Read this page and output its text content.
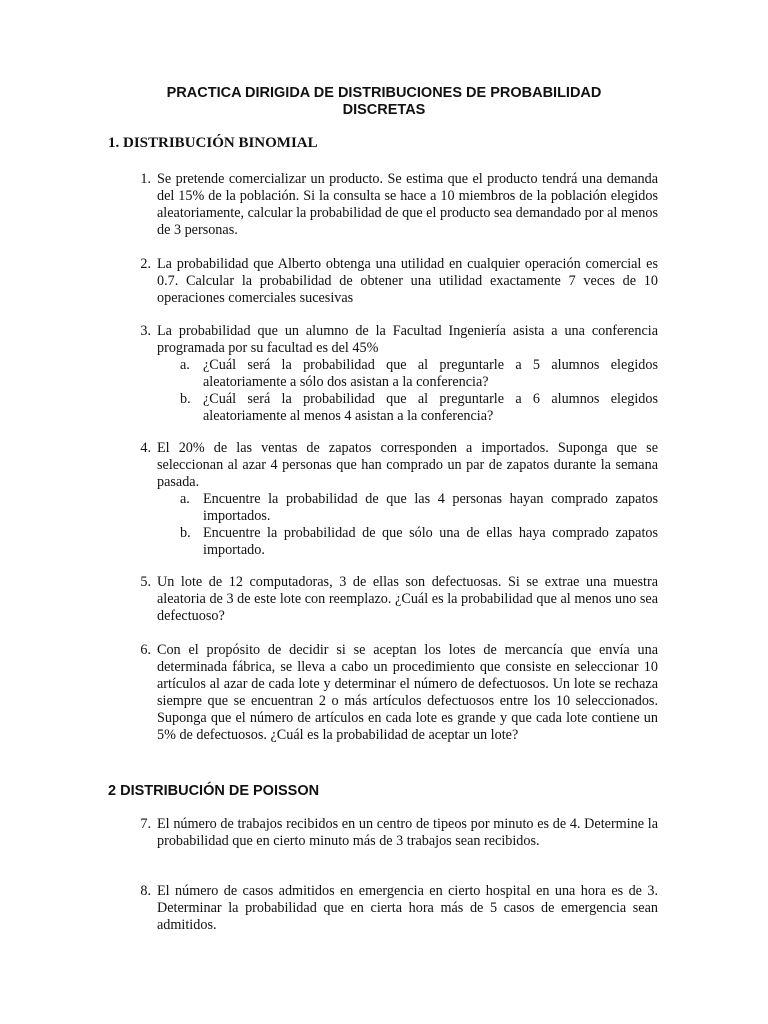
PRACTICA DIRIGIDA DE DISTRIBUCIONES DE PROBABILIDAD
DISCRETAS
1. DISTRIBUCIÓN BINOMIAL
1. Se pretende comercializar un producto. Se estima que el producto tendrá una demanda del 15% de la población. Si la consulta se hace a 10 miembros de la población elegidos aleatoriamente, calcular la probabilidad de que el producto sea demandado por al menos de 3 personas.
2. La probabilidad que Alberto obtenga una utilidad en cualquier operación comercial es 0.7. Calcular la probabilidad de obtener una utilidad exactamente 7 veces de 10 operaciones comerciales sucesivas
3. La probabilidad que un alumno de la Facultad Ingeniería asista a una conferencia programada por su facultad es del 45%
a. ¿Cuál será la probabilidad que al preguntarle a 5 alumnos elegidos aleatoriamente a sólo dos asistan a la conferencia?
b. ¿Cuál será la probabilidad que al preguntarle a 6 alumnos elegidos aleatoriamente al menos 4 asistan a la conferencia?
4. El 20% de las ventas de zapatos corresponden a importados. Suponga que se seleccionan al azar 4 personas que han comprado un par de zapatos durante la semana pasada.
a. Encuentre la probabilidad de que las 4 personas hayan comprado zapatos importados.
b. Encuentre la probabilidad de que sólo una de ellas haya comprado zapatos importado.
5. Un lote de 12 computadoras, 3 de ellas son defectuosas. Si se extrae una muestra aleatoria de 3 de este lote con reemplazo. ¿Cuál es la probabilidad que al menos uno sea defectuoso?
6. Con el propósito de decidir si se aceptan los lotes de mercancía que envía una determinada fábrica, se lleva a cabo un procedimiento que consiste en seleccionar 10 artículos al azar de cada lote y determinar el número de defectuosos. Un lote se rechaza siempre que se encuentran 2 o más artículos defectuosos entre los 10 seleccionados. Suponga que el número de artículos en cada lote es grande y que cada lote contiene un 5% de defectuosos. ¿Cuál es la probabilidad de aceptar un lote?
2 DISTRIBUCIÓN DE POISSON
7. El número de trabajos recibidos en un centro de tipeos por minuto es de 4. Determine la probabilidad que en cierto minuto más de 3 trabajos sean recibidos.
8. El número de casos admitidos en emergencia en cierto hospital en una hora es de 3. Determinar la probabilidad que en cierta hora más de 5 casos de emergencia sean admitidos.
